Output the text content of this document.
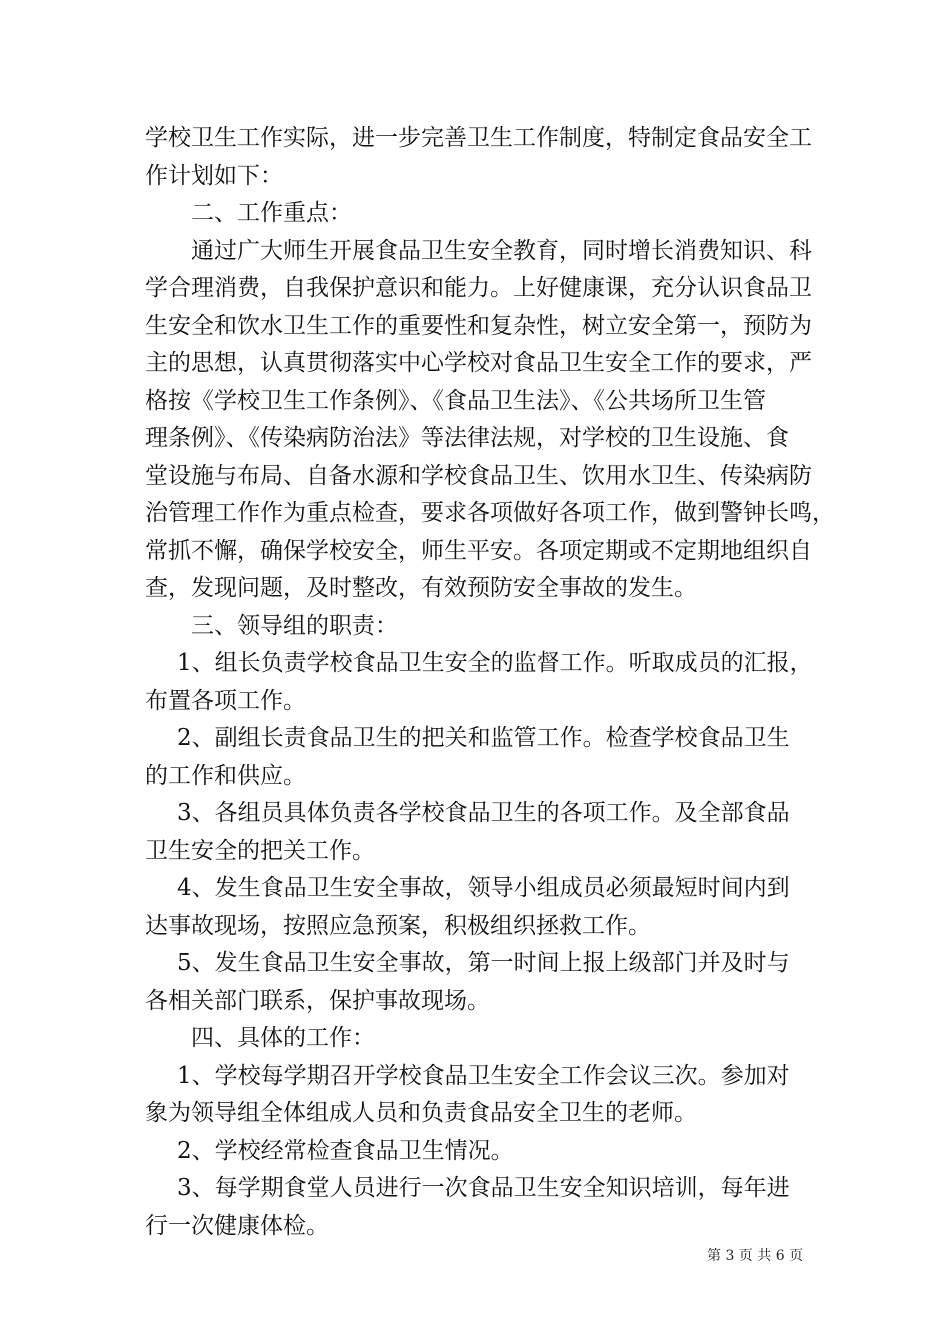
学校卫生工作实际，进一步完善卫生工作制度，特制定食品安全工
作计划如下：
二、工作重点：
通过广大师生开展食品卫生安全教育，同时增长消费知识、科
学合理消费，自我保护意识和能力。上好健康课，充分认识食品卫
生安全和饮水卫生工作的重要性和复杂性，树立安全第一，预防为
主的思想，认真贯彻落实中心学校对食品卫生安全工作的要求，严
格按《学校卫生工作条例》、《食品卫生法》、《公共场所卫生管
理条例》、《传染病防治法》等法律法规，对学校的卫生设施、食
堂设施与布局、自备水源和学校食品卫生、饮用水卫生、传染病防
治管理工作作为重点检查，要求各项做好各项工作，做到警钟长鸣，
常抓不懈，确保学校安全，师生平安。各项定期或不定期地组织自
查，发现问题，及时整改，有效预防安全事故的发生。
三、领导组的职责：
1、组长负责学校食品卫生安全的监督工作。听取成员的汇报，
布置各项工作。
2、副组长责食品卫生的把关和监管工作。检查学校食品卫生
的工作和供应。
3、各组员具体负责各学校食品卫生的各项工作。及全部食品
卫生安全的把关工作。
4、发生食品卫生安全事故，领导小组成员必须最短时间内到
达事故现场，按照应急预案，积极组织拯救工作。
5、发生食品卫生安全事故，第一时间上报上级部门并及时与
各相关部门联系，保护事故现场。
四、具体的工作：
1、学校每学期召开学校食品卫生安全工作会议三次。参加对
象为领导组全体组成人员和负责食品安全卫生的老师。
2、学校经常检查食品卫生情况。
3、每学期食堂人员进行一次食品卫生安全知识培训，每年进
行一次健康体检。
第 3 页 共 6 页
